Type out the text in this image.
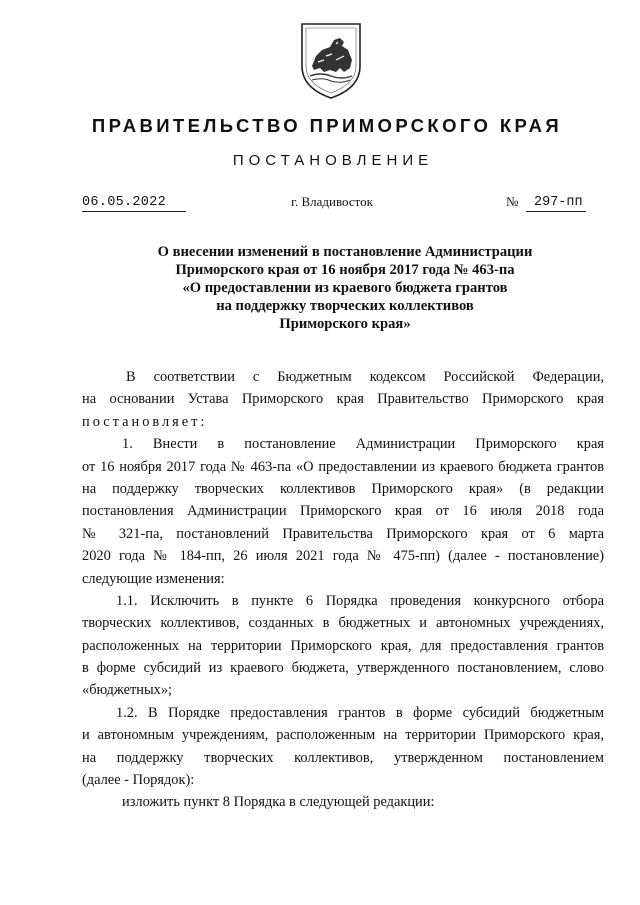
ПРАВИТЕЛЬСТВО ПРИМОРСКОГО КРАЯ
ПОСТАНОВЛЕНИЕ
06.05.2022	г. Владивосток	№	297-пп
О внесении изменений в постановление Администрации
Приморского края от 16 ноября 2017 года № 463-па
«О предоставлении из краевого бюджета грантов
на поддержку творческих коллективов
Приморского края»
В соответствии с Бюджетным кодексом Российской Федерации,
на основании Устава Приморского края Правительство Приморского края
постановляет:
1. Внести в постановление Администрации Приморского края
от 16 ноября 2017 года № 463-па «О предоставлении из краевого бюджета грантов
на поддержку творческих коллективов Приморского края» (в редакции
постановления Администрации Приморского края от 16 июля 2018 года
№ 321-па, постановлений Правительства Приморского края от 6 марта
2020 года № 184-пп, 26 июля 2021 года № 475-пп) (далее - постановление)
следующие изменения:
1.1. Исключить в пункте 6 Порядка проведения конкурсного отбора
творческих коллективов, созданных в бюджетных и автономных учреждениях,
расположенных на территории Приморского края, для предоставления грантов
в форме субсидий из краевого бюджета, утвержденного постановлением, слово
«бюджетных»;
1.2. В Порядке предоставления грантов в форме субсидий бюджетным
и автономным учреждениям, расположенным на территории Приморского края,
на поддержку творческих коллективов, утвержденном постановлением
(далее - Порядок):
изложить пункт 8 Порядка в следующей редакции:
